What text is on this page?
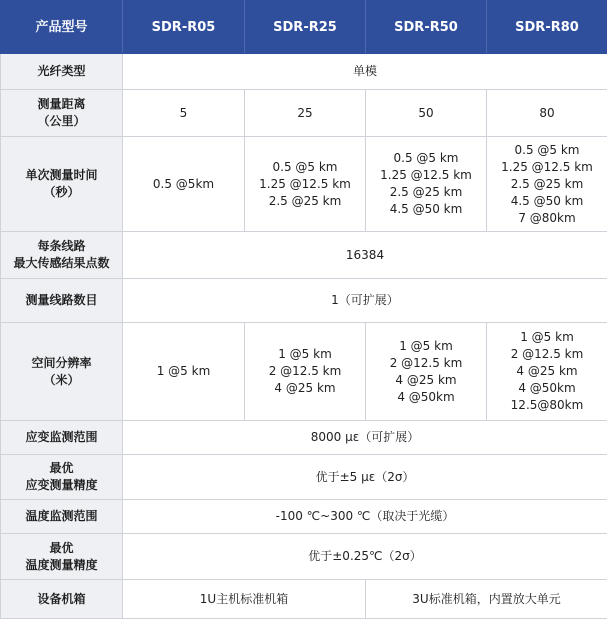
产品型号	SDR-R05	SDR-R25	SDR-R50	SDR-R80
光纤类型	单模			

测量距离
（公里）	5	25	50	80

单次测量时间
（秒）	0.5 @5km	0.5 @5 km
1.25 @12.5 km
2.5 @25 km	0.5 @5 km
1.25 @12.5 km
2.5 @25 km
4.5 @50 km	0.5 @5 km
1.25 @12.5 km
2.5 @25 km
4.5 @50 km
7 @80km

每条线路
最大传感结果点数	16384			
测量线路数目	1（可扩展）			

空间分辨率
（米）	1 @5 km	1 @5 km
2 @12.5 km
4 @25 km	1 @5 km
2 @12.5 km
4 @25 km
4 @50km	1 @5 km
2 @12.5 km
4 @25 km
4 @50km
12.5@80km

应变监测范围	8000 με（可扩展）			

最优
应变测量精度	优于±5 με（2σ）			
温度监测范围	-100 ℃~300 ℃（取决于光缆）			

最优
温度测量精度	优于±0.25℃（2σ）			
设备机箱	1U主机标准机箱		3U标准机箱，内置放大单元	
